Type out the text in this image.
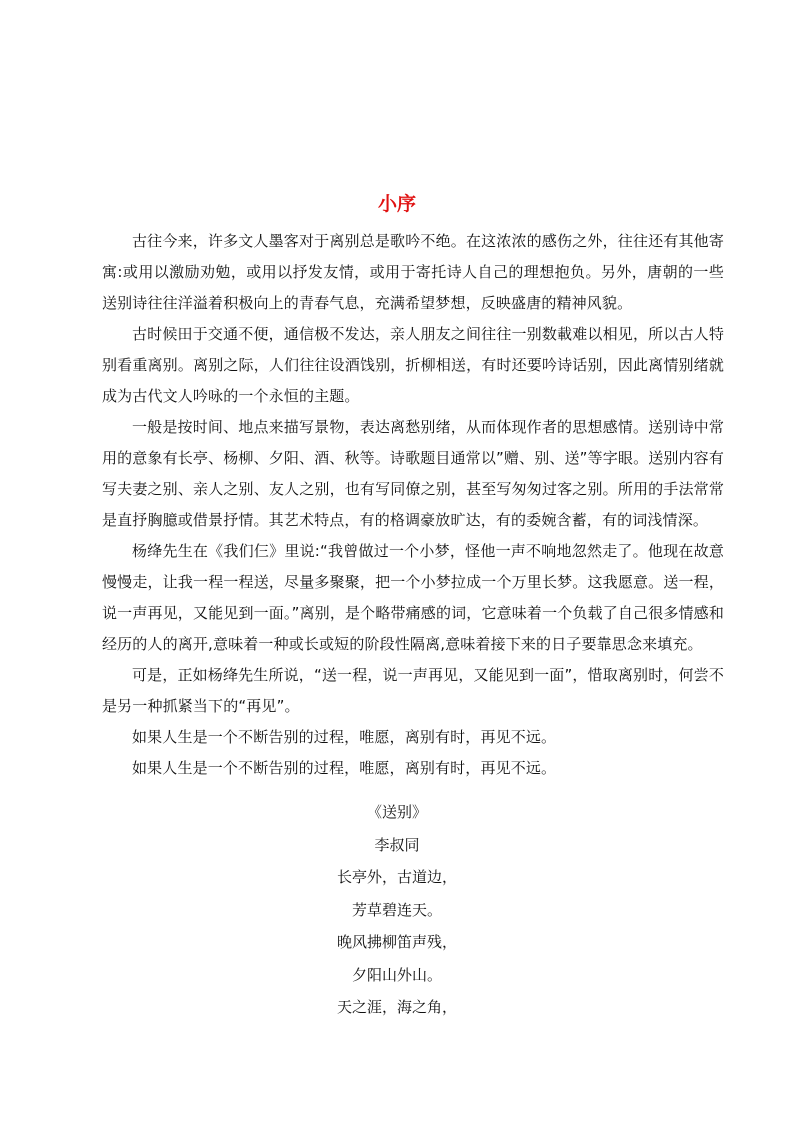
小序

古往今来，许多文人墨客对于离别总是歌吟不绝。在这浓浓的感伤之外，往往还有其他寄寓:或用以激励劝勉，或用以抒发友情，或用于寄托诗人自己的理想抱负。另外，唐朝的一些送别诗往往洋溢着积极向上的青春气息，充满希望梦想，反映盛唐的精神风貌。

古时候田于交通不便，通信极不发达，亲人朋友之间往往一别数載难以相见，所以古人特别看重离别。离别之际，人们往往设酒饯别，折柳相送，有时还要吟诗话别，因此离情别绪就成为古代文人吟咏的一个永恒的主题。

一般是按时间、地点来描写景物，表达离愁别绪，从而体现作者的思想感情。送别诗中常用的意象有长亭、杨柳、夕阳、酒、秋等。诗歌题目通常以”赠、别、送”等字眼。送别内容有写夫妻之别、亲人之别、友人之别，也有写同僚之别，甚至写匆匆过客之别。所用的手法常常是直抒胸臆或借景抒情。其艺术特点，有的格调豪放旷达，有的委婉含蓄，有的词浅情深。

杨绛先生在《我们仨》里说:“我曾做过一个小梦，怪他一声不响地忽然走了。他现在故意慢慢走，让我一程一程送，尽量多聚聚，把一个小梦拉成一个万里长梦。这我愿意。送一程，说一声再见，又能见到一面。”离别，是个略带痛感的词，它意味着一个负载了自己很多情感和经历的人的离开,意味着一种或长或短的阶段性隔离,意味着接下来的日子要靠思念来填充。

可是，正如杨绛先生所说，“送一程，说一声再见，又能见到一面”，惜取离别时，何尝不是另一种抓紧当下的“再见”。

如果人生是一个不断告别的过程，唯愿，离别有时，再见不远。

如果人生是一个不断告别的过程，唯愿，离别有时，再见不远。

《送别》
李叔同
长亭外，古道边，
芳草碧连天。
晚风拂柳笛声残，
夕阳山外山。
天之涯，海之角，
